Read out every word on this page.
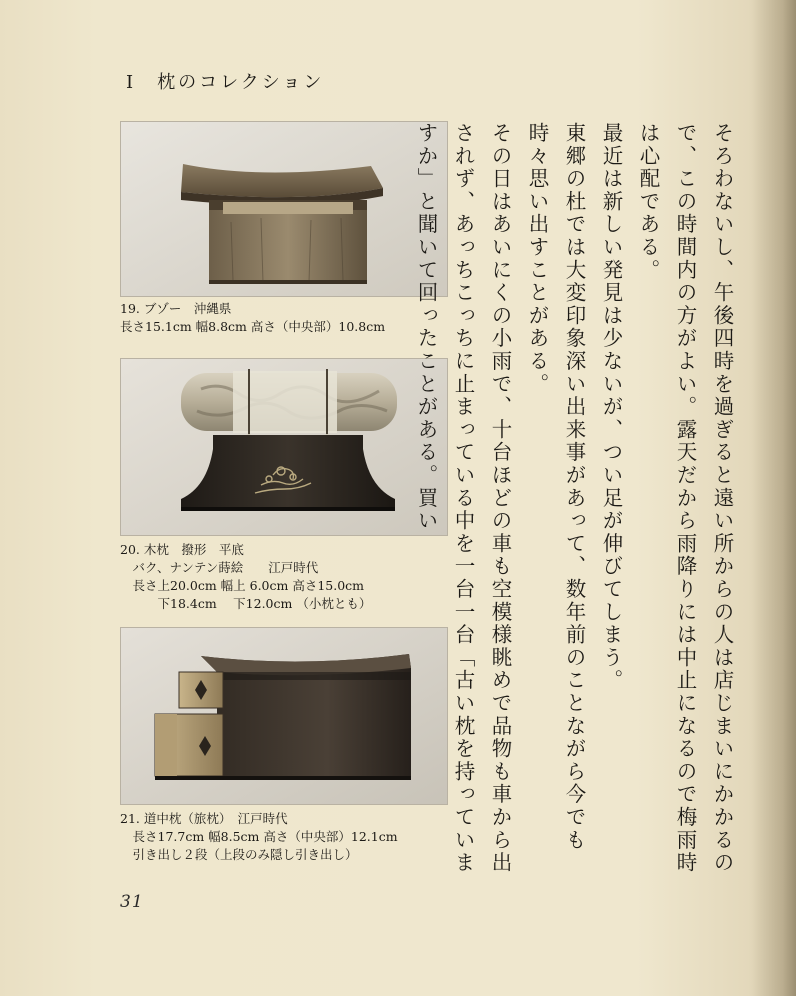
Ⅰ　枕のコレクション
19. ブゾー　沖縄県
長さ15.1cm 幅8.8cm 高さ（中央部）10.8cm
20. 木枕　撥形　平底
　バク、ナンテン蒔絵　　江戸時代
　長さ上20.0cm 幅上 6.0cm 高さ15.0cm
　　　下18.4cm　 下12.0cm （小枕とも）
21. 道中枕（旅枕）　江戸時代
　長さ17.7cm 幅8.5cm 高さ（中央部）12.1cm
　引き出し２段（上段のみ隠し引き出し）	そろわないし、午後四時を過ぎると遠い所からの人は店じまいにかかるので、この時間内の方がよい。露天だから雨降りには中止になるので梅雨時は心配である。

最近は新しい発見は少ないが、つい足が伸びてしまう。

東郷の杜では大変印象深い出来事があって、数年前のことながら今でも時々思い出すことがある。

その日はあいにくの小雨で、十台ほどの車も空模様眺めで品物も車から出されず、あっちこっちに止まっている中を一台一台「古い枕を持っていますか」と聞いて回ったことがある。買い

31
